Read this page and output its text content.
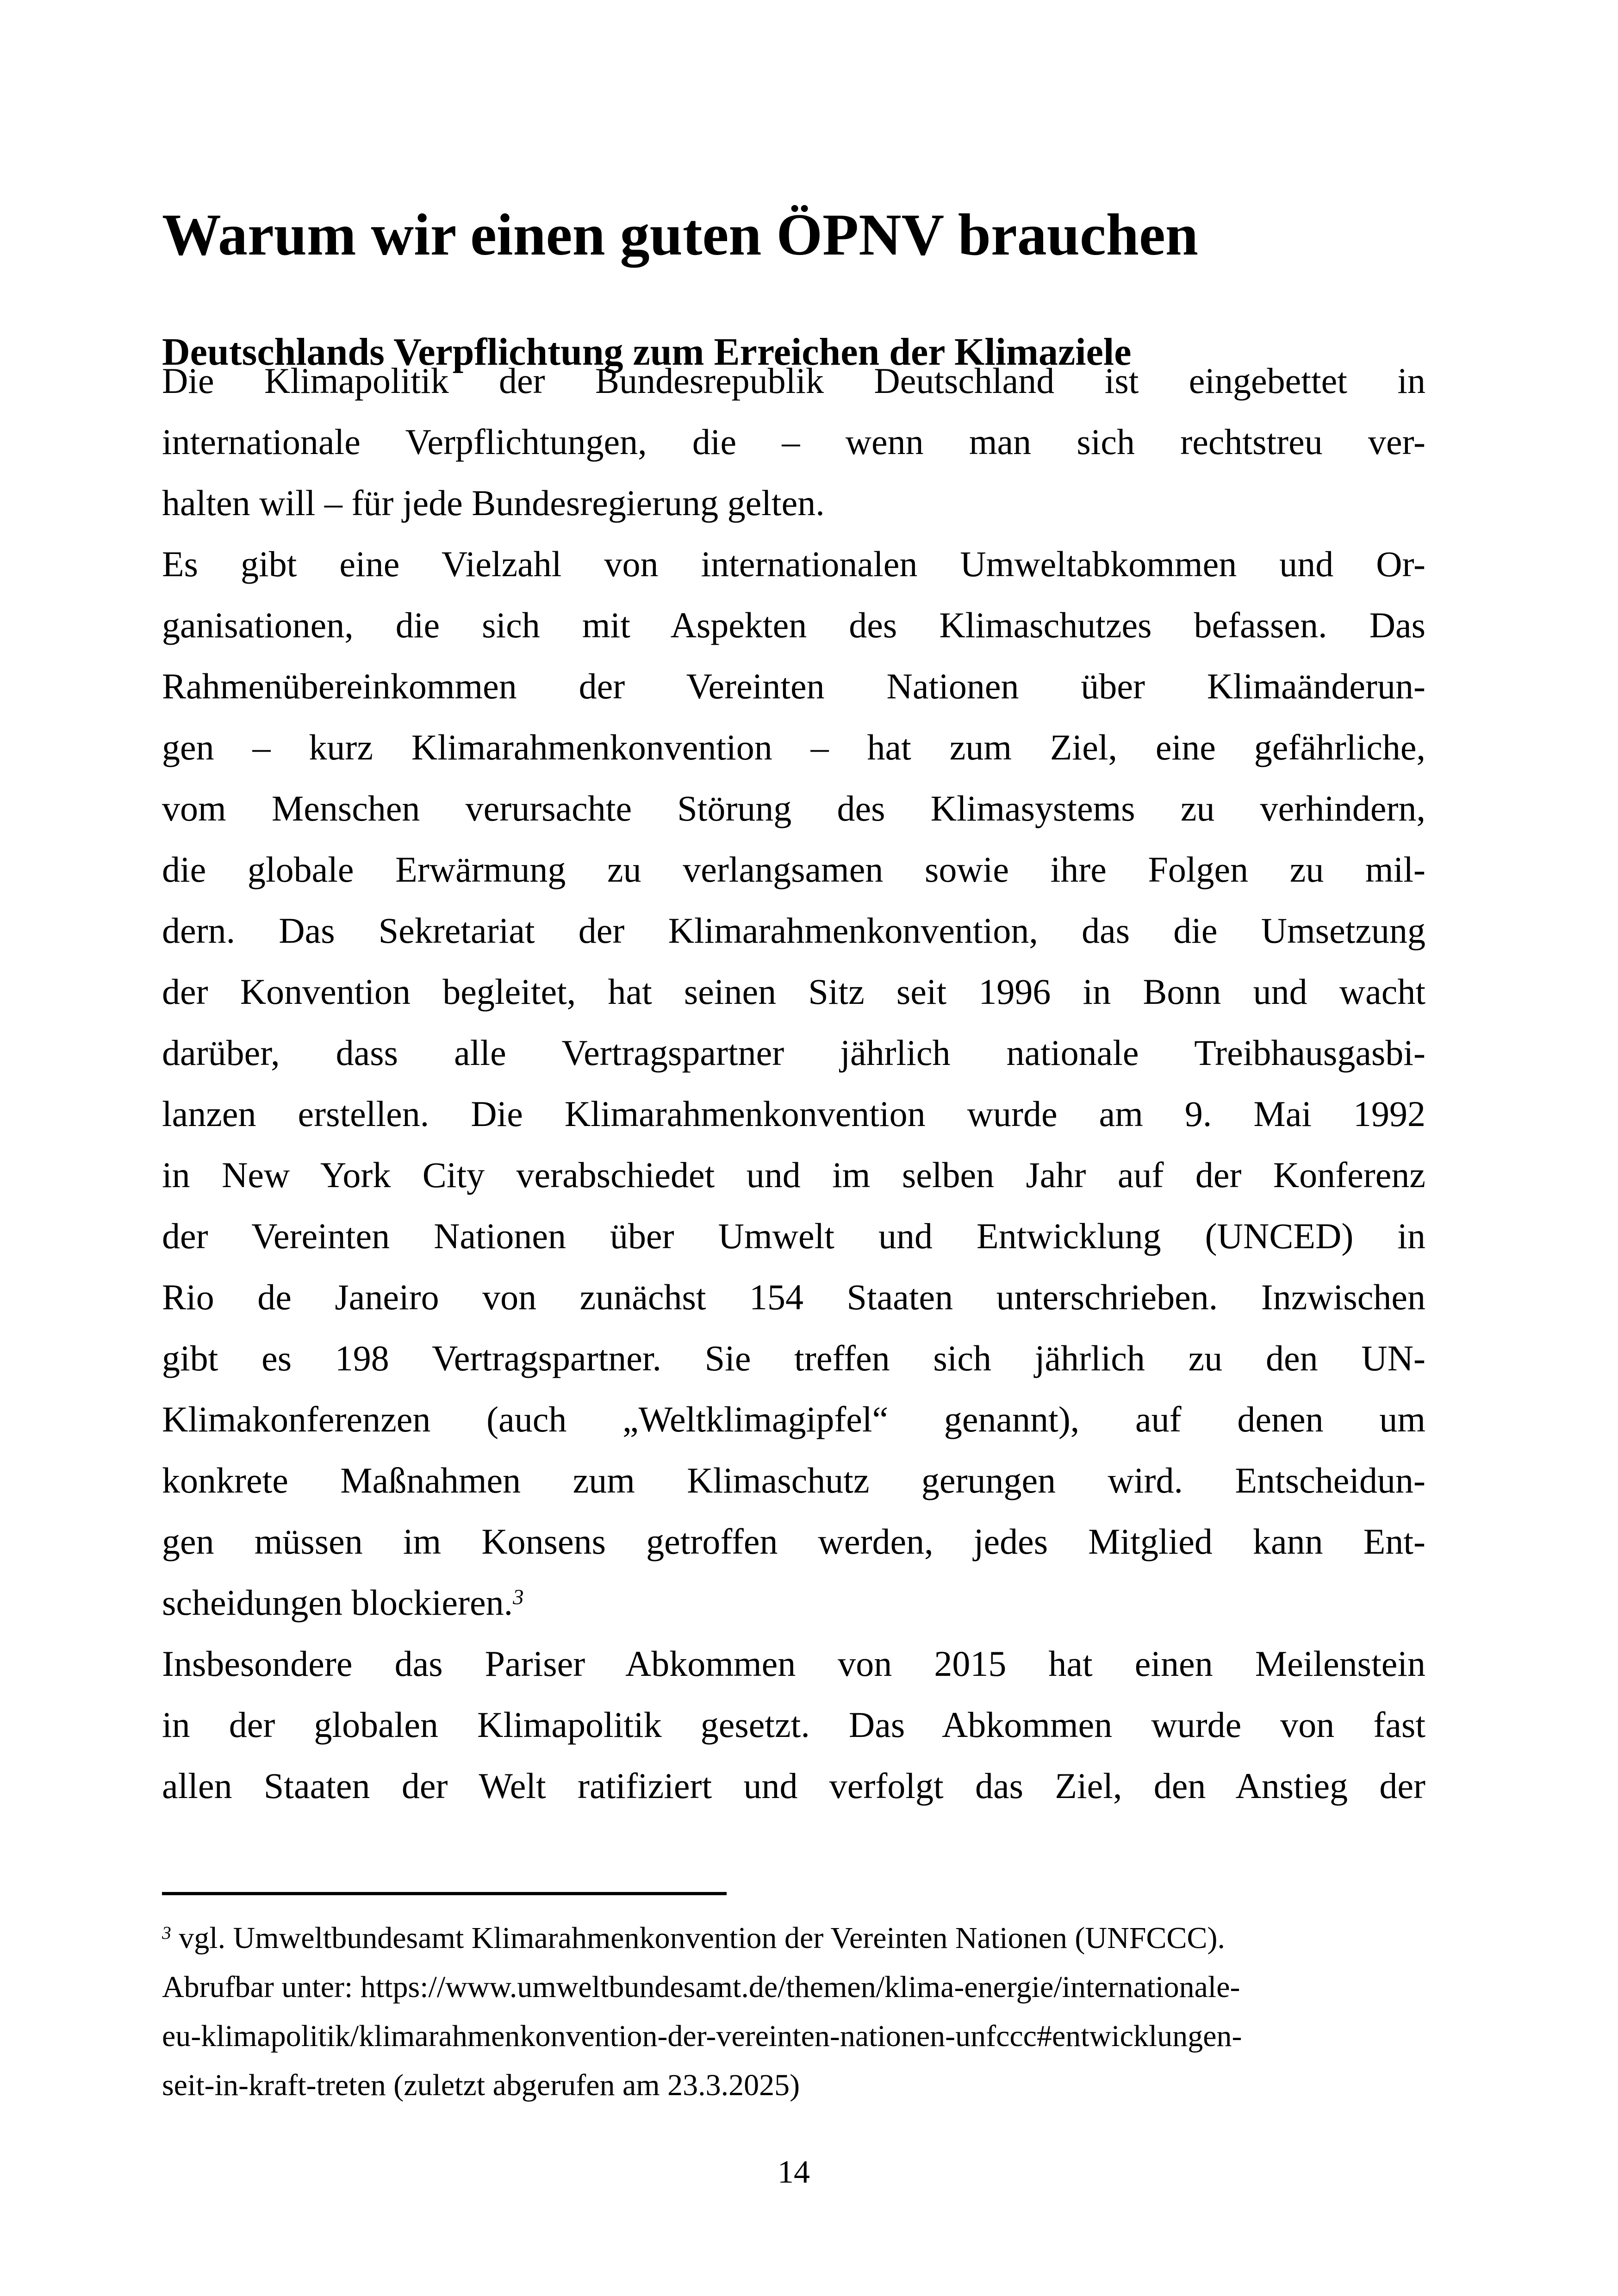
Warum wir einen guten ÖPNV brauchen
Deutschlands Verpflichtung zum Erreichen der Klimaziele
Die Klimapolitik der Bundesrepublik Deutschland ist eingebettet in
internationale Verpflichtungen, die – wenn man sich rechtstreu ver-
halten will – für jede Bundesregierung gelten.
Es gibt eine Vielzahl von internationalen Umweltabkommen und Or-
ganisationen, die sich mit Aspekten des Klimaschutzes befassen. Das
Rahmenübereinkommen der Vereinten Nationen über Klimaänderun-
gen – kurz Klimarahmenkonvention – hat zum Ziel, eine gefährliche,
vom Menschen verursachte Störung des Klimasystems zu verhindern,
die globale Erwärmung zu verlangsamen sowie ihre Folgen zu mil-
dern. Das Sekretariat der Klimarahmenkonvention, das die Umsetzung
der Konvention begleitet, hat seinen Sitz seit 1996 in Bonn und wacht
darüber, dass alle Vertragspartner jährlich nationale Treibhausgasbi-
lanzen erstellen. Die Klimarahmenkonvention wurde am 9. Mai 1992
in New York City verabschiedet und im selben Jahr auf der Konferenz
der Vereinten Nationen über Umwelt und Entwicklung (UNCED) in
Rio de Janeiro von zunächst 154 Staaten unterschrieben. Inzwischen
gibt es 198 Vertragspartner. Sie treffen sich jährlich zu den UN-
Klimakonferenzen (auch „Weltklimagipfel“ genannt), auf denen um
konkrete Maßnahmen zum Klimaschutz gerungen wird. Entscheidun-
gen müssen im Konsens getroffen werden, jedes Mitglied kann Ent-
scheidungen blockieren.$^3$
Insbesondere das Pariser Abkommen von 2015 hat einen Meilenstein
in der globalen Klimapolitik gesetzt. Das Abkommen wurde von fast
allen Staaten der Welt ratifiziert und verfolgt das Ziel, den Anstieg der
$^3$ vgl. Umweltbundesamt Klimarahmenkonvention der Vereinten Nationen (UNFCCC).
Abrufbar unter: https://www.umweltbundesamt.de/themen/klima-energie/internationale-
eu-klimapolitik/klimarahmenkonvention-der-vereinten-nationen-unfccc#entwicklungen-
seit-in-kraft-treten (zuletzt abgerufen am 23.3.2025)
14
